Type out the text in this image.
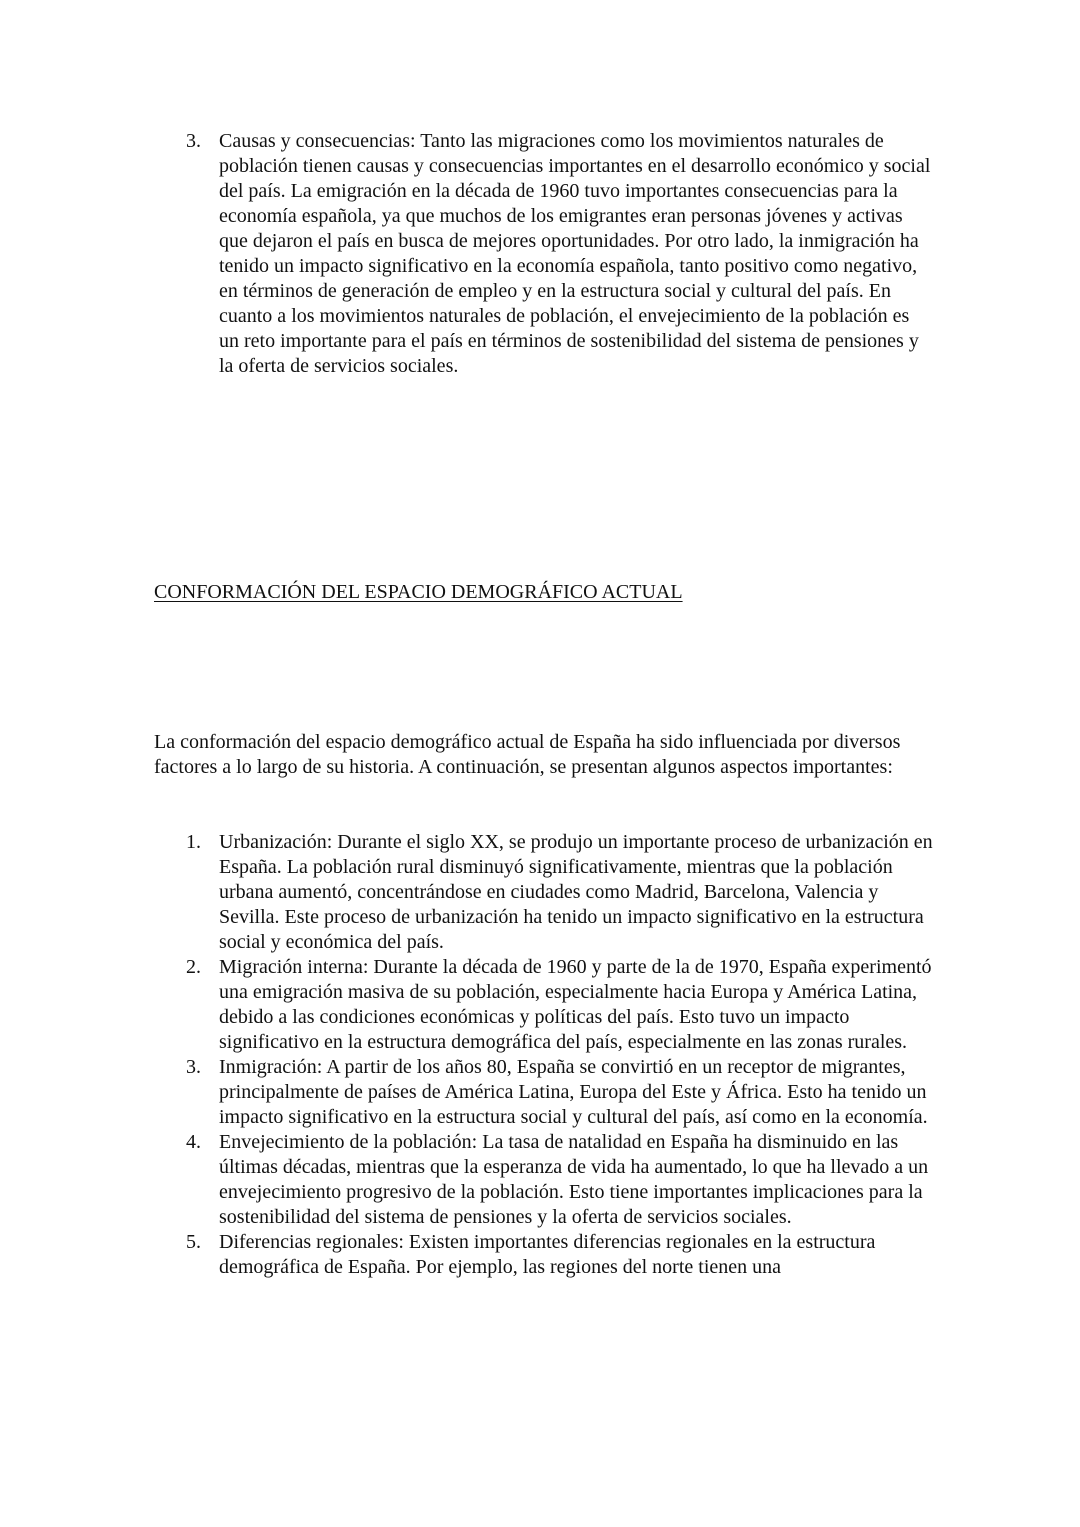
3. Causas y consecuencias: Tanto las migraciones como los movimientos naturales de población tienen causas y consecuencias importantes en el desarrollo económico y social del país. La emigración en la década de 1960 tuvo importantes consecuencias para la economía española, ya que muchos de los emigrantes eran personas jóvenes y activas que dejaron el país en busca de mejores oportunidades. Por otro lado, la inmigración ha tenido un impacto significativo en la economía española, tanto positivo como negativo, en términos de generación de empleo y en la estructura social y cultural del país. En cuanto a los movimientos naturales de población, el envejecimiento de la población es un reto importante para el país en términos de sostenibilidad del sistema de pensiones y la oferta de servicios sociales.
CONFORMACIÓN DEL ESPACIO DEMOGRÁFICO ACTUAL

La conformación del espacio demográfico actual de España ha sido influenciada por diversos factores a lo largo de su historia. A continuación, se presentan algunos aspectos importantes:

1. Urbanización: Durante el siglo XX, se produjo un importante proceso de urbanización en España. La población rural disminuyó significativamente, mientras que la población urbana aumentó, concentrándose en ciudades como Madrid, Barcelona, Valencia y Sevilla. Este proceso de urbanización ha tenido un impacto significativo en la estructura social y económica del país.
2. Migración interna: Durante la década de 1960 y parte de la de 1970, España experimentó una emigración masiva de su población, especialmente hacia Europa y América Latina, debido a las condiciones económicas y políticas del país. Esto tuvo un impacto significativo en la estructura demográfica del país, especialmente en las zonas rurales.
3. Inmigración: A partir de los años 80, España se convirtió en un receptor de migrantes, principalmente de países de América Latina, Europa del Este y África. Esto ha tenido un impacto significativo en la estructura social y cultural del país, así como en la economía.
4. Envejecimiento de la población: La tasa de natalidad en España ha disminuido en las últimas décadas, mientras que la esperanza de vida ha aumentado, lo que ha llevado a un envejecimiento progresivo de la población. Esto tiene importantes implicaciones para la sostenibilidad del sistema de pensiones y la oferta de servicios sociales.
5. Diferencias regionales: Existen importantes diferencias regionales en la estructura demográfica de España. Por ejemplo, las regiones del norte tienen una
